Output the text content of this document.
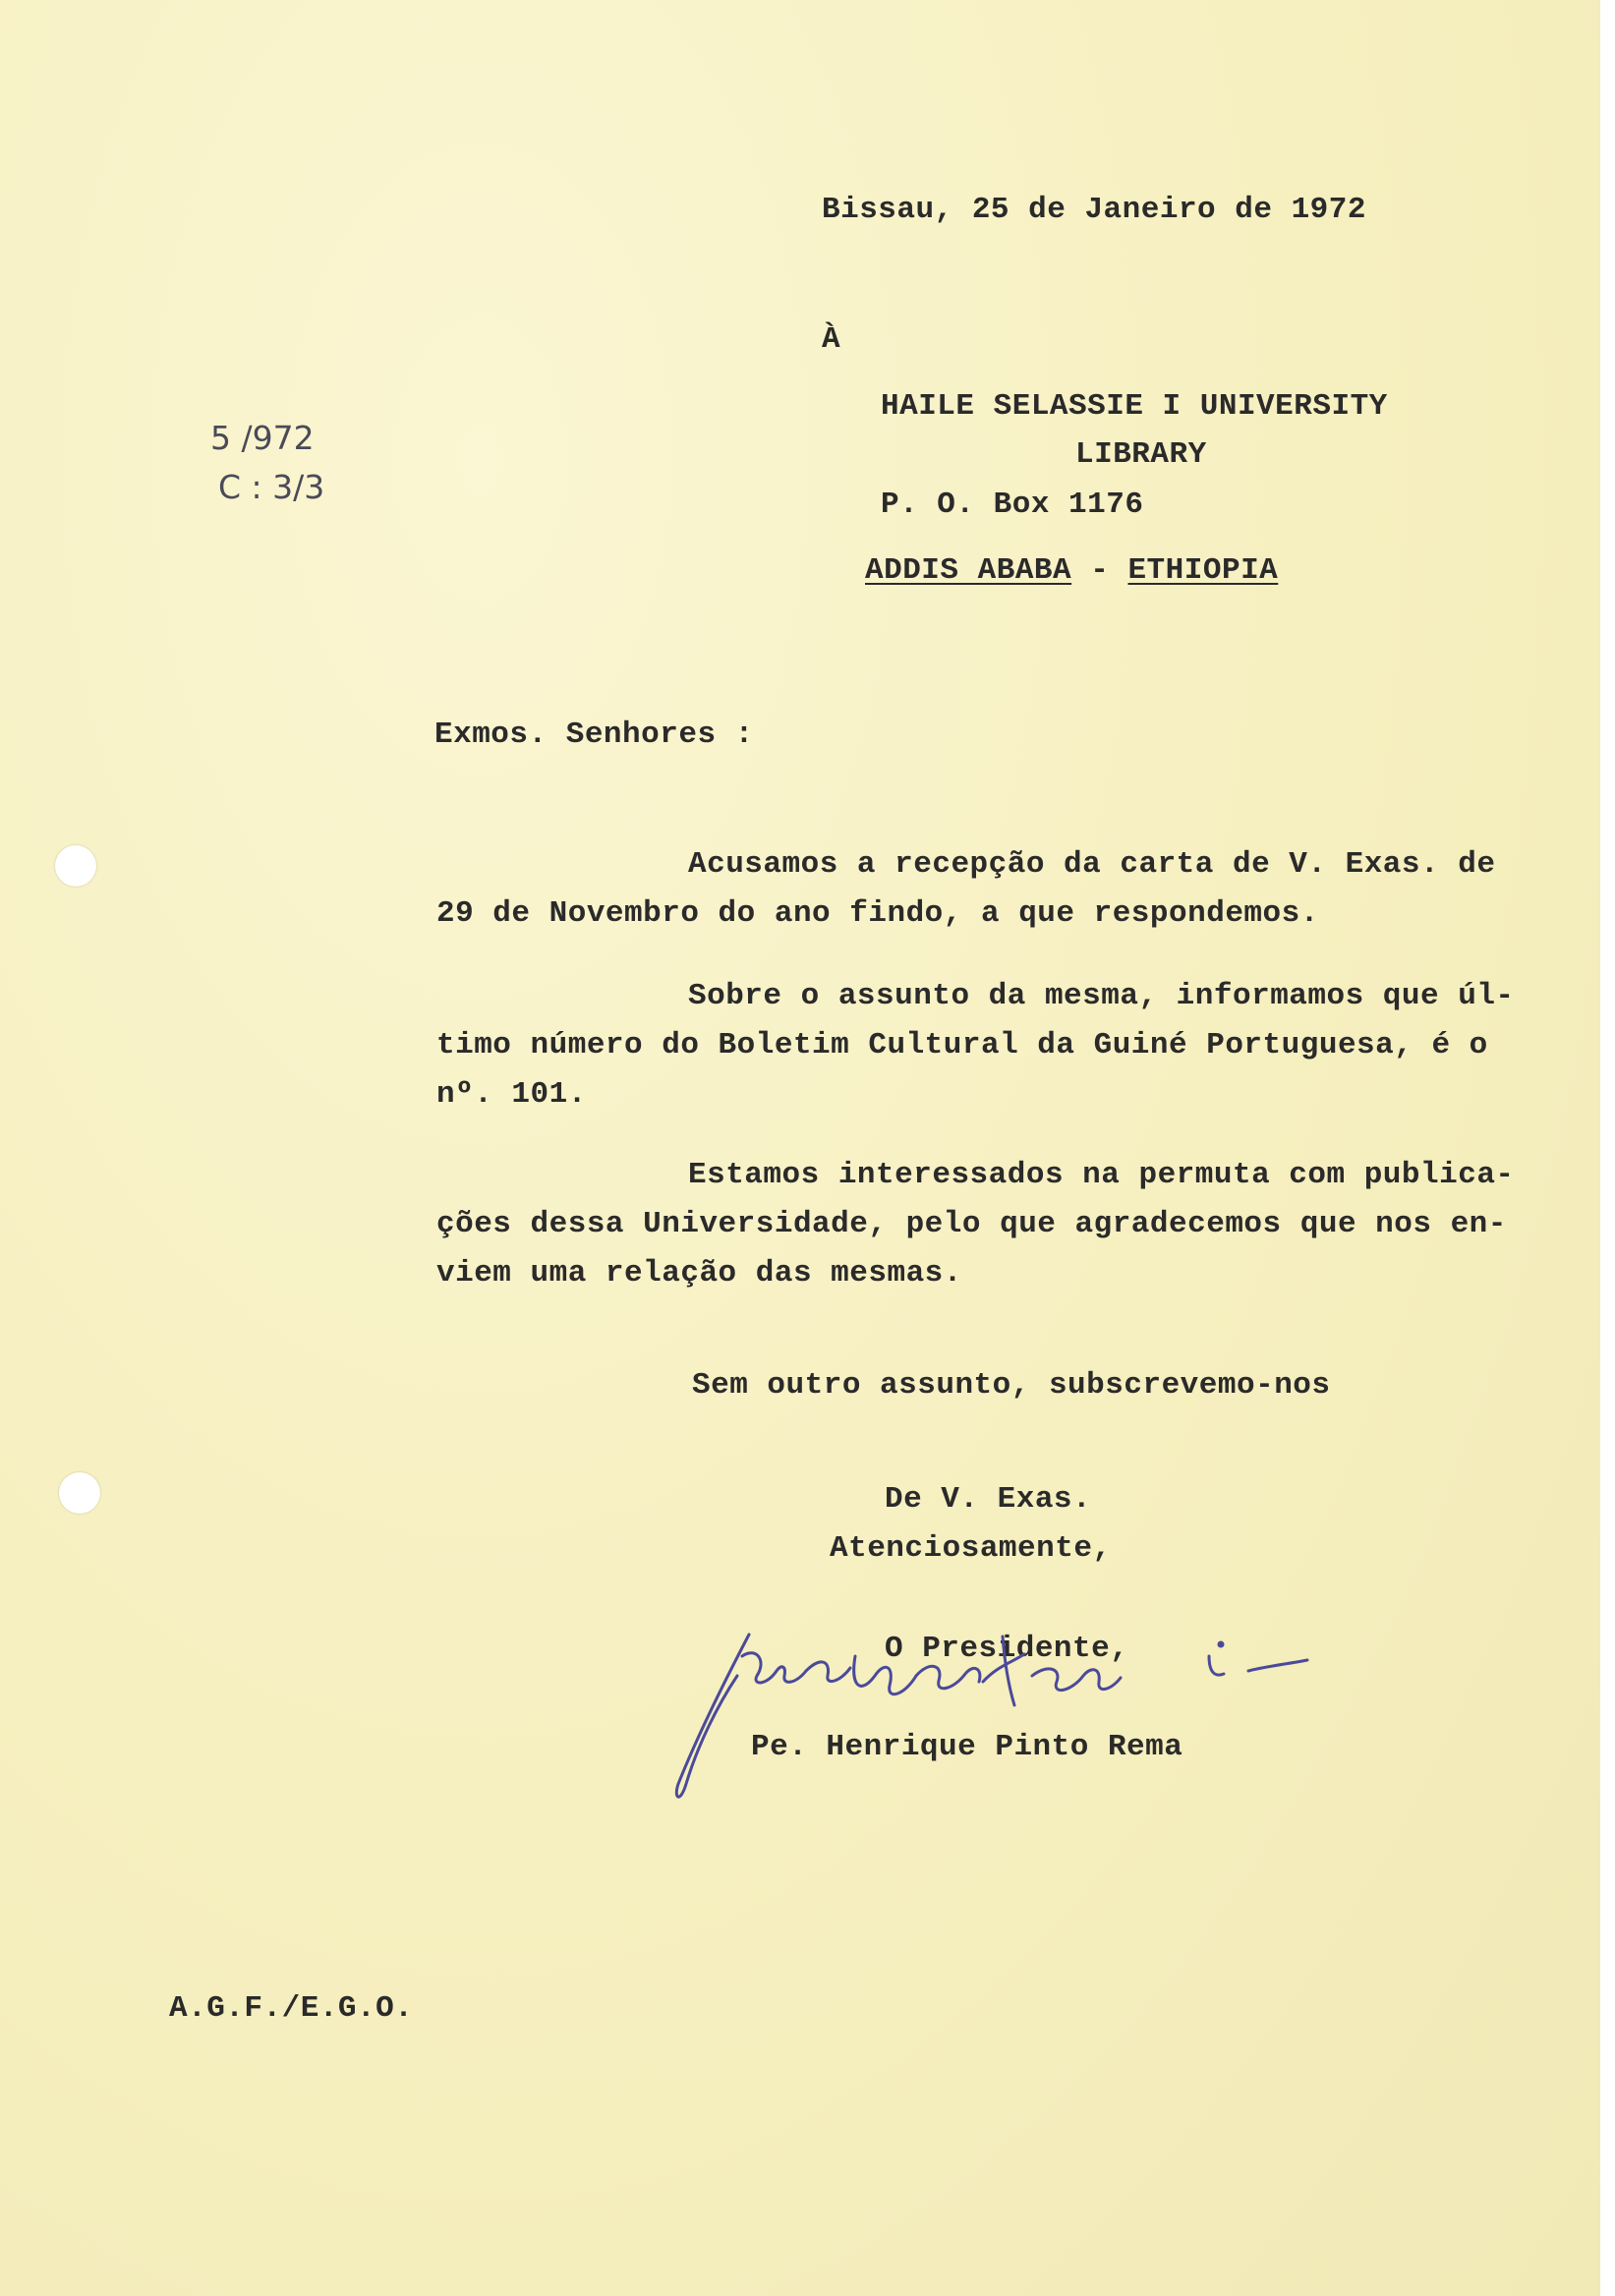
Bissau, 25 de Janeiro de 1972
À
HAILE SELASSIE I UNIVERSITY
LIBRARY
P. O. Box 1176
ADDIS ABABA - ETHIOPIA
5 /972
C : 3/3
Exmos. Senhores :
Acusamos a recepção da carta de V. Exas. de
29 de Novembro do ano findo, a que respondemos.
Sobre o assunto da mesma, informamos que úl-
timo número do Boletim Cultural da Guiné Portuguesa, é o
nº. 101.
Estamos interessados na permuta com publica-
ções dessa Universidade, pelo que agradecemos que nos en-
viem uma relação das mesmas.
Sem outro assunto, subscrevemo-nos
De V. Exas.
Atenciosamente,
O Presidente,
Pe. Henrique Pinto Rema
A.G.F./E.G.O.
